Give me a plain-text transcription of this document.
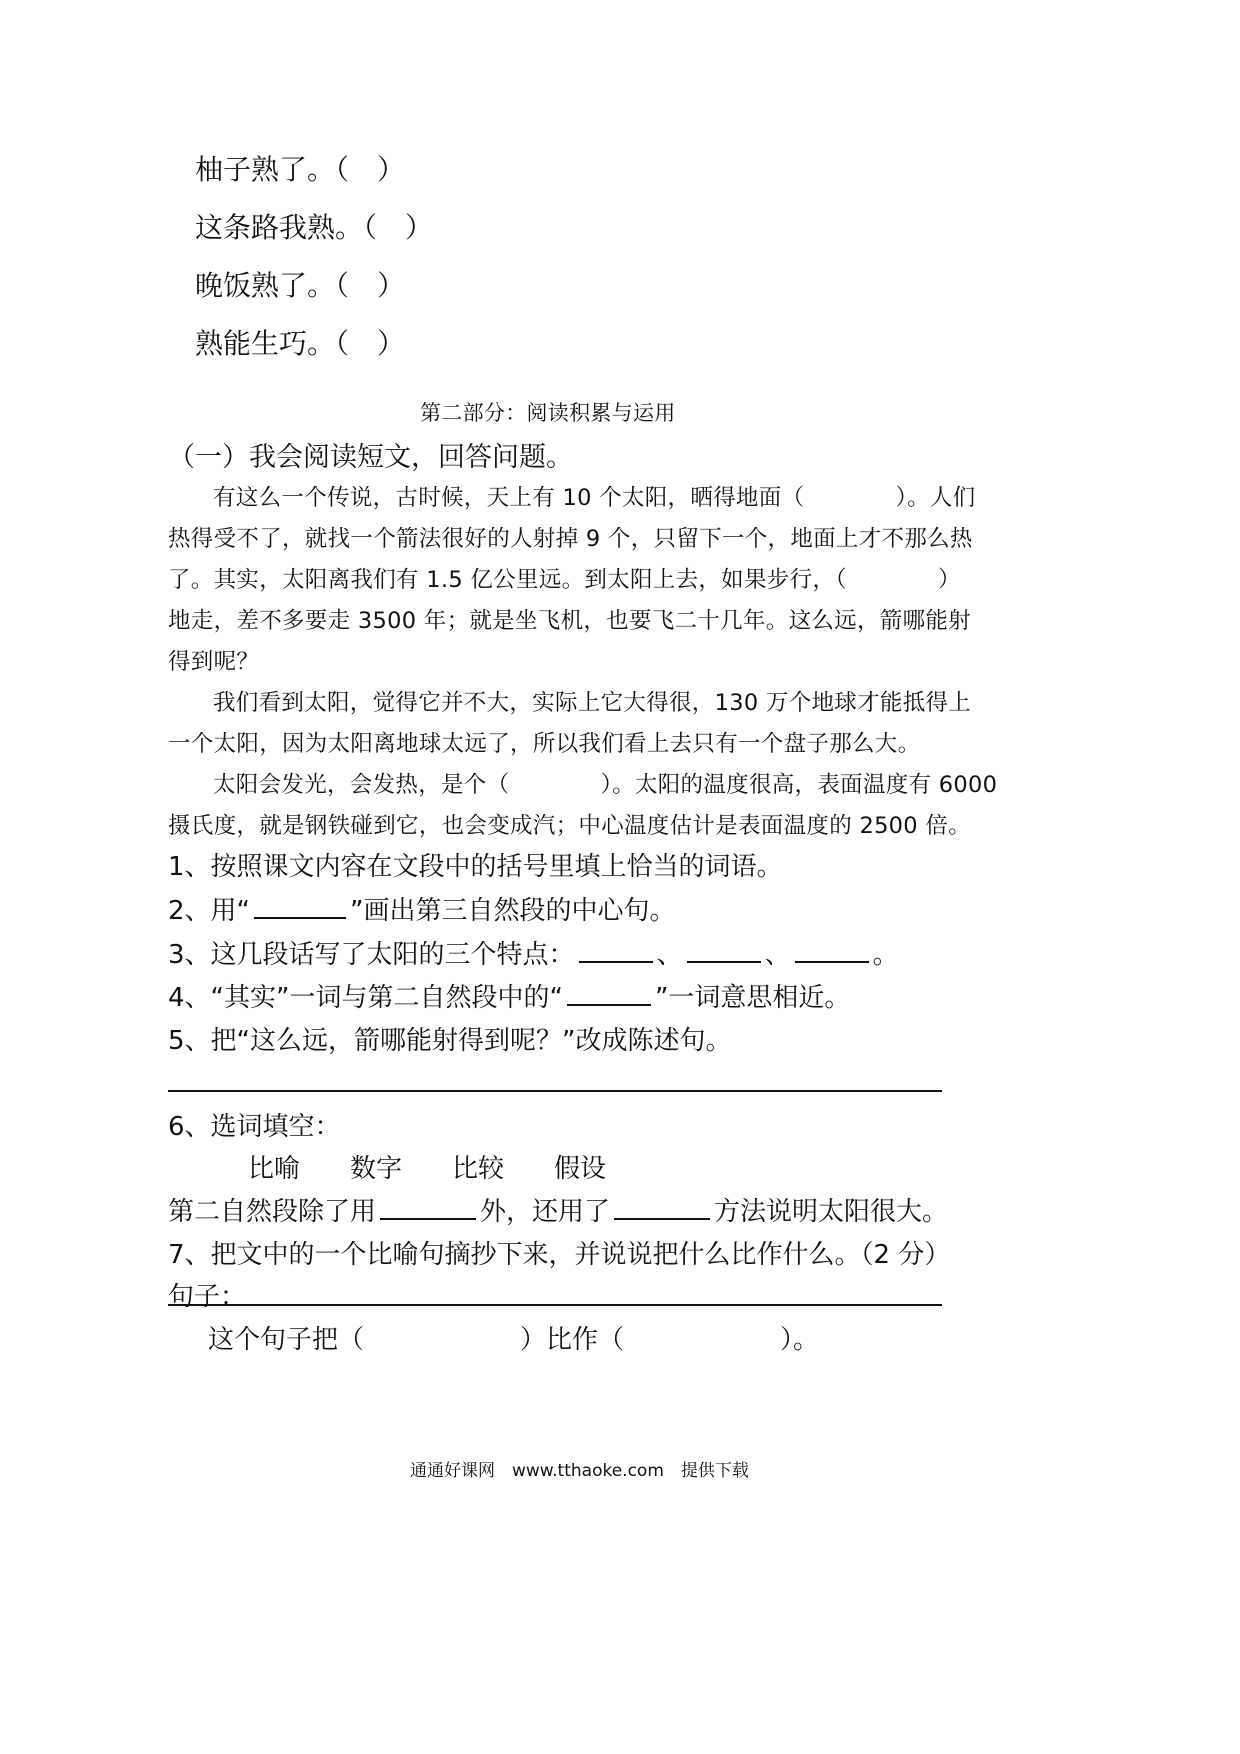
柚子熟了。（　）

这条路我熟。（　）

晚饭熟了。（　）

熟能生巧。（　）

第二部分：阅读积累与运用

（一）我会阅读短文，回答问题。

有这么一个传说，古时候，天上有 10 个太阳，晒得地面（　　　　）。人们

热得受不了，就找一个箭法很好的人射掉 9 个，只留下一个，地面上才不那么热

了。其实，太阳离我们有 1.5 亿公里远。到太阳上去，如果步行，（　　　　）

地走，差不多要走 3500 年；就是坐飞机，也要飞二十几年。这么远，箭哪能射

得到呢？

我们看到太阳，觉得它并不大，实际上它大得很，130 万个地球才能抵得上

一个太阳，因为太阳离地球太远了，所以我们看上去只有一个盘子那么大。

太阳会发光，会发热，是个（　　　　）。太阳的温度很高，表面温度有 6000

摄氏度，就是钢铁碰到它，也会变成汽；中心温度估计是表面温度的 2500 倍。

1、按照课文内容在文段中的括号里填上恰当的词语。

2、用“	”画出第三自然段的中心句。

3、这几段话写了太阳的三个特点：	、	、	。

4、“其实”一词与第二自然段中的“	”一词意思相近。

5、把“这么远，箭哪能射得到呢？”改成陈述句。

6、选词填空：

比喻 数字 比较 假设

第二自然段除了用	外，还用了	方法说明太阳很大。

7、把文中的一个比喻句摘抄下来，并说说把什么比作什么。（2 分）

句子：

这个句子把（　　　　　　）比作（　　　　　　）。

通通好课网　www.tthaoke.com　提供下载
